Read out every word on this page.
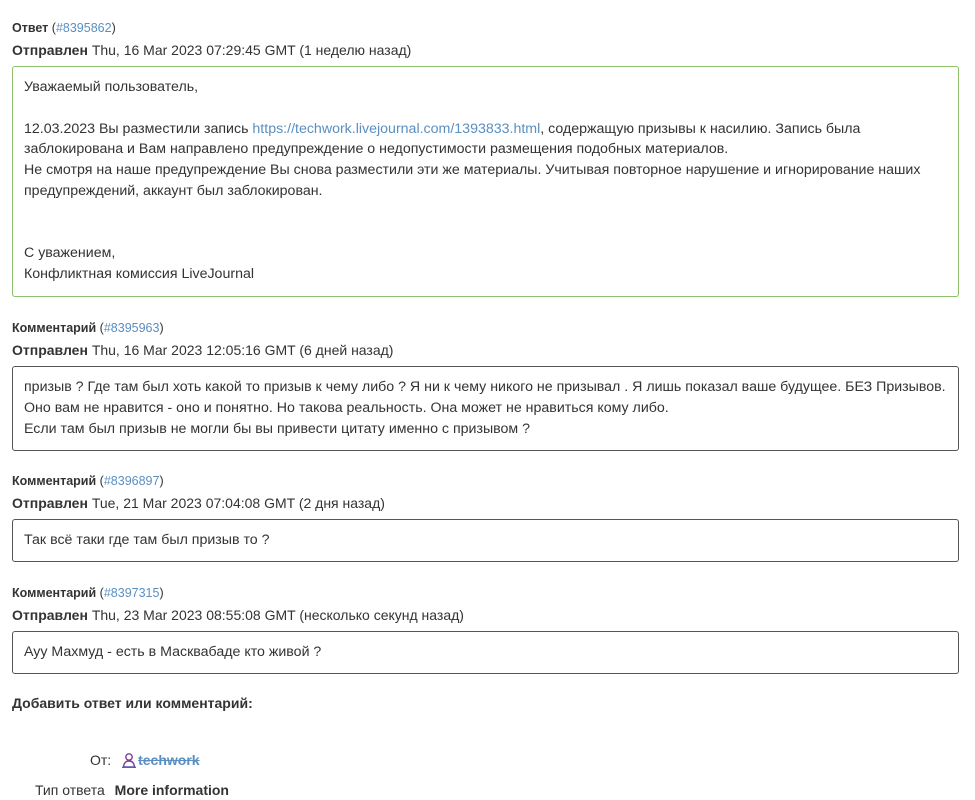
Ответ (#8395862)
Отправлен Thu, 16 Mar 2023 07:29:45 GMT (1 неделю назад)

Уважаемый пользователь,

12.03.2023 Вы разместили запись https://techwork.livejournal.com/1393833.html, содержащую призывы к насилию. Запись была заблокирована и Вам направлено предупреждение о недопустимости размещения подобных материалов.

Не смотря на наше предупреждение Вы снова разместили эти же материалы. Учитывая повторное нарушение и игнорирование наших предупреждений, аккаунт был заблокирован.

С уважением,

Конфликтная комиссия LiveJournal

Комментарий (#8395963)
Отправлен Thu, 16 Mar 2023 12:05:16 GMT (6 дней назад)

призыв ? Где там был хоть какой то призыв к чему либо ? Я ни к чему никого не призывал . Я лишь показал ваше будущее. БЕЗ Призывов. Оно вам не нравится - оно и понятно. Но такова реальность. Она может не нравиться кому либо.

Если там был призыв не могли бы вы привести цитату именно с призывом ?

Комментарий (#8396897)
Отправлен Tue, 21 Mar 2023 07:04:08 GMT (2 дня назад)

Так всё таки где там был призыв то ?

Комментарий (#8397315)
Отправлен Thu, 23 Mar 2023 08:55:08 GMT (несколько секунд назад)

Ауу Махмуд - есть в Масквабаде кто живой ?

Добавить ответ или комментарий:
От: techwork
Тип ответа More information
